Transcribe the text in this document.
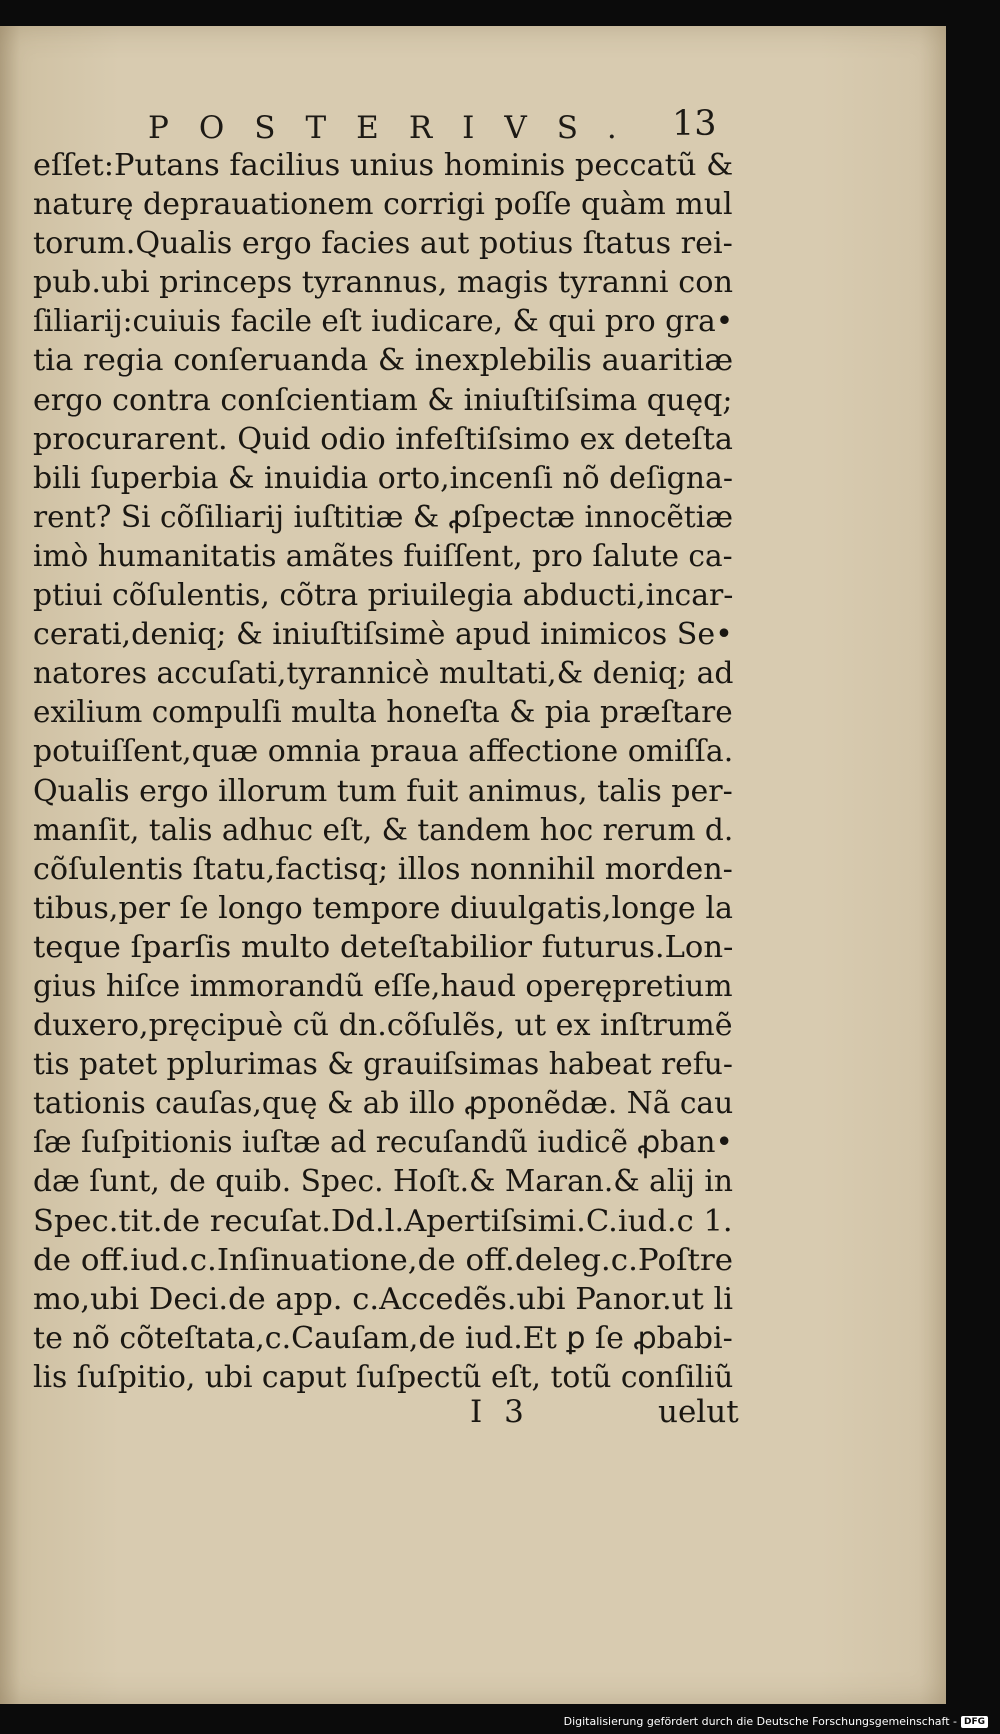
POSTERIVS. 13
eſſet:Putans facilius unius hominis peccatũ &
naturę deprauationem corrigi poſſe quàm mul
torum.Qualis ergo facies aut potius ſtatus rei-
pub.ubi princeps tyrannus, magis tyranni con
ſiliarij:cuiuis facile eſt iudicare, & qui pro gra•
tia regia conſeruanda & inexplebilis auaritiæ
ergo contra conſcientiam & iniuſtiſsima quęq;
procurarent. Quid odio infeſtiſsimo ex deteſta
bili ſuperbia & inuidia orto,incenſi nõ deſigna-
rent? Si cõſiliarij iuſtitiæ & ꝓſpectæ innocẽtiæ
imò humanitatis amãtes fuiſſent, pro ſalute ca-
ptiui cõſulentis, cõtra priuilegia abducti,incar-
cerati,deniq; & iniuſtiſsimè apud inimicos Se•
natores accuſati,tyrannicè multati,& deniq; ad
exilium compulſi multa honeſta & pia præſtare
potuiſſent,quæ omnia praua affectione omiſſa.
Qualis ergo illorum tum fuit animus, talis per-
manſit, talis adhuc eſt, & tandem hoc rerum d.
cõſulentis ſtatu,factisq; illos nonnihil morden-
tibus,per ſe longo tempore diuulgatis,longe la
teque ſparſis multo deteſtabilior futurus.Lon-
gius hiſce immorandũ eſſe,haud operępretium
duxero,pręcipuè cũ dn.cõſulẽs, ut ex inſtrumẽ
tis patet pplurimas & grauiſsimas habeat refu-
tationis cauſas,quę & ab illo ꝓponẽdæ. Nã cau
ſæ ſuſpitionis iuſtæ ad recuſandũ iudicẽ ꝓban•
dæ ſunt, de quib. Spec. Hoſt.& Maran.& alij in
Spec.tit.de recuſat.Dd.l.Apertiſsimi.C.iud.c 1.
de off.iud.c.Inſinuatione,de off.deleg.c.Poſtre
mo,ubi Deci.de app. c.Accedẽs.ubi Panor.ut li
te nõ cõteſtata,c.Cauſam,de iud.Et ꝑ ſe ꝓbabi-
lis ſuſpitio, ubi caput ſuſpectũ eſt, totũ conſiliũ
I 3	uelut
Digitalisierung gefördert durch die Deutsche Forschungsgemeinschaft - DFG
